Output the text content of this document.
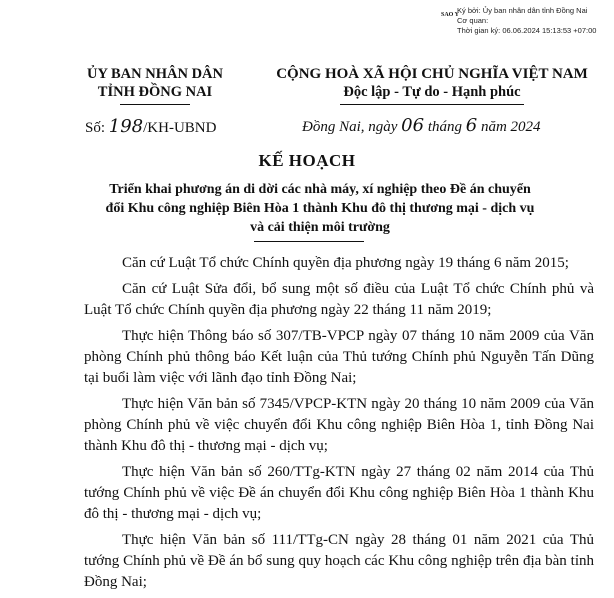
SAO Y
Ký bởi: Ủy ban nhân dân tỉnh Đồng Nai
Cơ quan:
Thời gian ký: 06.06.2024 15:13:53 +07:00
ỦY BAN NHÂN DÂN
TỈNH ĐỒNG NAI
CỘNG HOÀ XÃ HỘI CHỦ NGHĨA VIỆT NAM
Độc lập - Tự do - Hạnh phúc
Số: 198/KH-UBND	Đồng Nai, ngày 06 tháng 6 năm 2024
KẾ HOẠCH
Triển khai phương án di dời các nhà máy, xí nghiệp theo Đề án chuyển đổi Khu công nghiệp Biên Hòa 1 thành Khu đô thị thương mại - dịch vụ và cải thiện môi trường

Căn cứ Luật Tổ chức Chính quyền địa phương ngày 19 tháng 6 năm 2015;

Căn cứ Luật Sửa đổi, bổ sung một số điều của Luật Tổ chức Chính phủ và Luật Tổ chức Chính quyền địa phương ngày 22 tháng 11 năm 2019;

Thực hiện Thông báo số 307/TB-VPCP ngày 07 tháng 10 năm 2009 của Văn phòng Chính phủ thông báo Kết luận của Thủ tướng Chính phủ Nguyễn Tấn Dũng tại buổi làm việc với lãnh đạo tỉnh Đồng Nai;

Thực hiện Văn bản số 7345/VPCP-KTN ngày 20 tháng 10 năm 2009 của Văn phòng Chính phủ về việc chuyển đổi Khu công nghiệp Biên Hòa 1, tỉnh Đồng Nai thành Khu đô thị - thương mại - dịch vụ;

Thực hiện Văn bản số 260/TTg-KTN ngày 27 tháng 02 năm 2014 của Thủ tướng Chính phủ về việc Đề án chuyển đổi Khu công nghiệp Biên Hòa 1 thành Khu đô thị - thương mại - dịch vụ;

Thực hiện Văn bản số 111/TTg-CN ngày 28 tháng 01 năm 2021 của Thủ tướng Chính phủ về Đề án bổ sung quy hoạch các Khu công nghiệp trên địa bàn tỉnh Đồng Nai;
